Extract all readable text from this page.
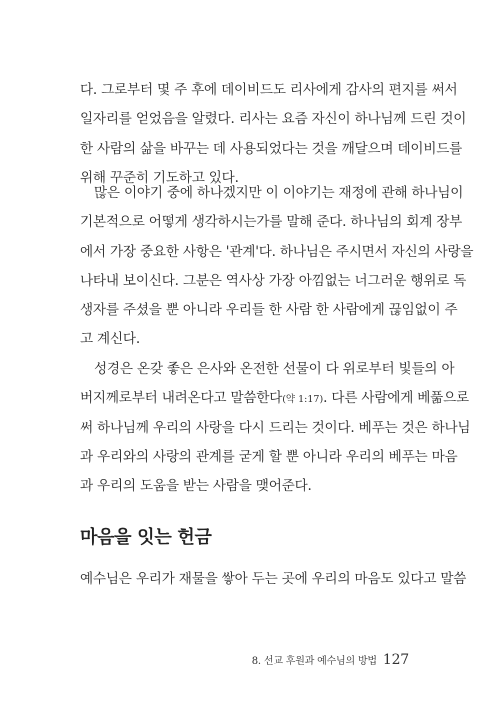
다. 그로부터 몇 주 후에 데이비드도 리사에게 감사의 편지를 써서
일자리를 얻었음을 알렸다. 리사는 요즘 자신이 하나님께 드린 것이
한 사람의 삶을 바꾸는 데 사용되었다는 것을 깨달으며 데이비드를
위해 꾸준히 기도하고 있다.
많은 이야기 중에 하나겠지만 이 이야기는 재정에 관해 하나님이
기본적으로 어떻게 생각하시는가를 말해 준다. 하나님의 회계 장부
에서 가장 중요한 사항은 '관계'다. 하나님은 주시면서 자신의 사랑을
나타내 보이신다. 그분은 역사상 가장 아낌없는 너그러운 행위로 독
생자를 주셨을 뿐 아니라 우리들 한 사람 한 사람에게 끊임없이 주
고 계신다.
성경은 온갖 좋은 은사와 온전한 선물이 다 위로부터 빛들의 아
버지께로부터 내려온다고 말씀한다(약 1:17). 다른 사람에게 베풂으로
써 하나님께 우리의 사랑을 다시 드리는 것이다. 베푸는 것은 하나님
과 우리와의 사랑의 관계를 굳게 할 뿐 아니라 우리의 베푸는 마음
과 우리의 도움을 받는 사람을 맺어준다.
마음을 잇는 헌금
예수님은 우리가 재물을 쌓아 두는 곳에 우리의 마음도 있다고 말씀
8. 선교 후원과 예수님의 방법 127
